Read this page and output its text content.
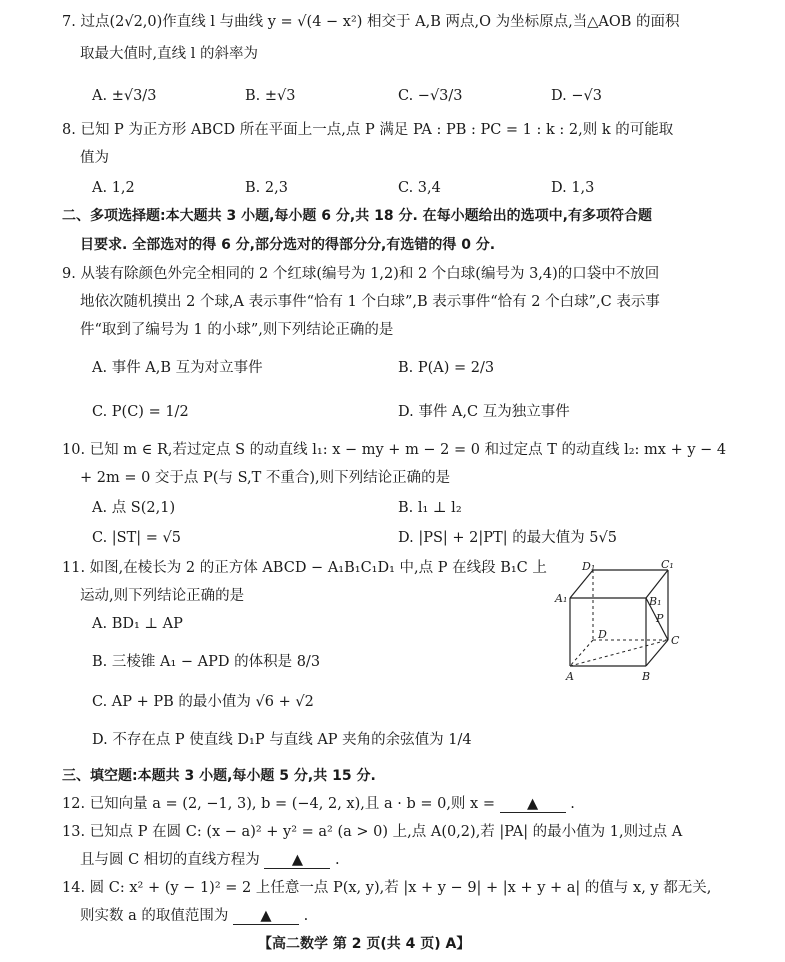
7. 过点(2√2,0)作直线 l 与曲线 y = √(4 − x²) 相交于 A,B 两点,O 为坐标原点,当△AOB 的面积
取最大值时,直线 l 的斜率为
A. ±√3/3	B. ±√3	C. −√3/3	D. −√3
8. 已知 P 为正方形 ABCD 所在平面上一点,点 P 满足 PA : PB : PC = 1 : k : 2,则 k 的可能取
值为
A. 1,2	B. 2,3	C. 3,4	D. 1,3
二、多项选择题:本大题共 3 小题,每小题 6 分,共 18 分. 在每小题给出的选项中,有多项符合题
目要求. 全部选对的得 6 分,部分选对的得部分分,有选错的得 0 分.
9. 从装有除颜色外完全相同的 2 个红球(编号为 1,2)和 2 个白球(编号为 3,4)的口袋中不放回
地依次随机摸出 2 个球,A 表示事件“恰有 1 个白球”,B 表示事件“恰有 2 个白球”,C 表示事
件“取到了编号为 1 的小球”,则下列结论正确的是
A. 事件 A,B 互为对立事件	B. P(A) = 2/3
C. P(C) = 1/2	D. 事件 A,C 互为独立事件
10. 已知 m ∈ R,若过定点 S 的动直线 l₁: x − my + m − 2 = 0 和过定点 T 的动直线 l₂: mx + y − 4
+ 2m = 0 交于点 P(与 S,T 不重合),则下列结论正确的是
A. 点 S(2,1)	B. l₁ ⊥ l₂
C. |ST| = √5	D. |PS| + 2|PT| 的最大值为 5√5
11. 如图,在棱长为 2 的正方体 ABCD − A₁B₁C₁D₁ 中,点 P 在线段 B₁C 上
运动,则下列结论正确的是
A. BD₁ ⊥ AP
B. 三棱锥 A₁ − APD 的体积是 8/3
C. AP + PB 的最小值为 √6 + √2
D. 不存在点 P 使直线 D₁P 与直线 AP 夹角的余弦值为 1/4
D₁	C₁
A₁	B₁
D	C
A	B
P
三、填空题:本题共 3 小题,每小题 5 分,共 15 分.
12. 已知向量 a = (2, −1, 3), b = (−4, 2, x),且 a · b = 0,则 x = ▲ .
13. 已知点 P 在圆 C: (x − a)² + y² = a² (a > 0) 上,点 A(0,2),若 |PA| 的最小值为 1,则过点 A
且与圆 C 相切的直线方程为 ▲ .
14. 圆 C: x² + (y − 1)² = 2 上任意一点 P(x, y),若 |x + y − 9| + |x + y + a| 的值与 x, y 都无关,
则实数 a 的取值范围为 ▲ .
【高二数学 第 2 页(共 4 页) A】
